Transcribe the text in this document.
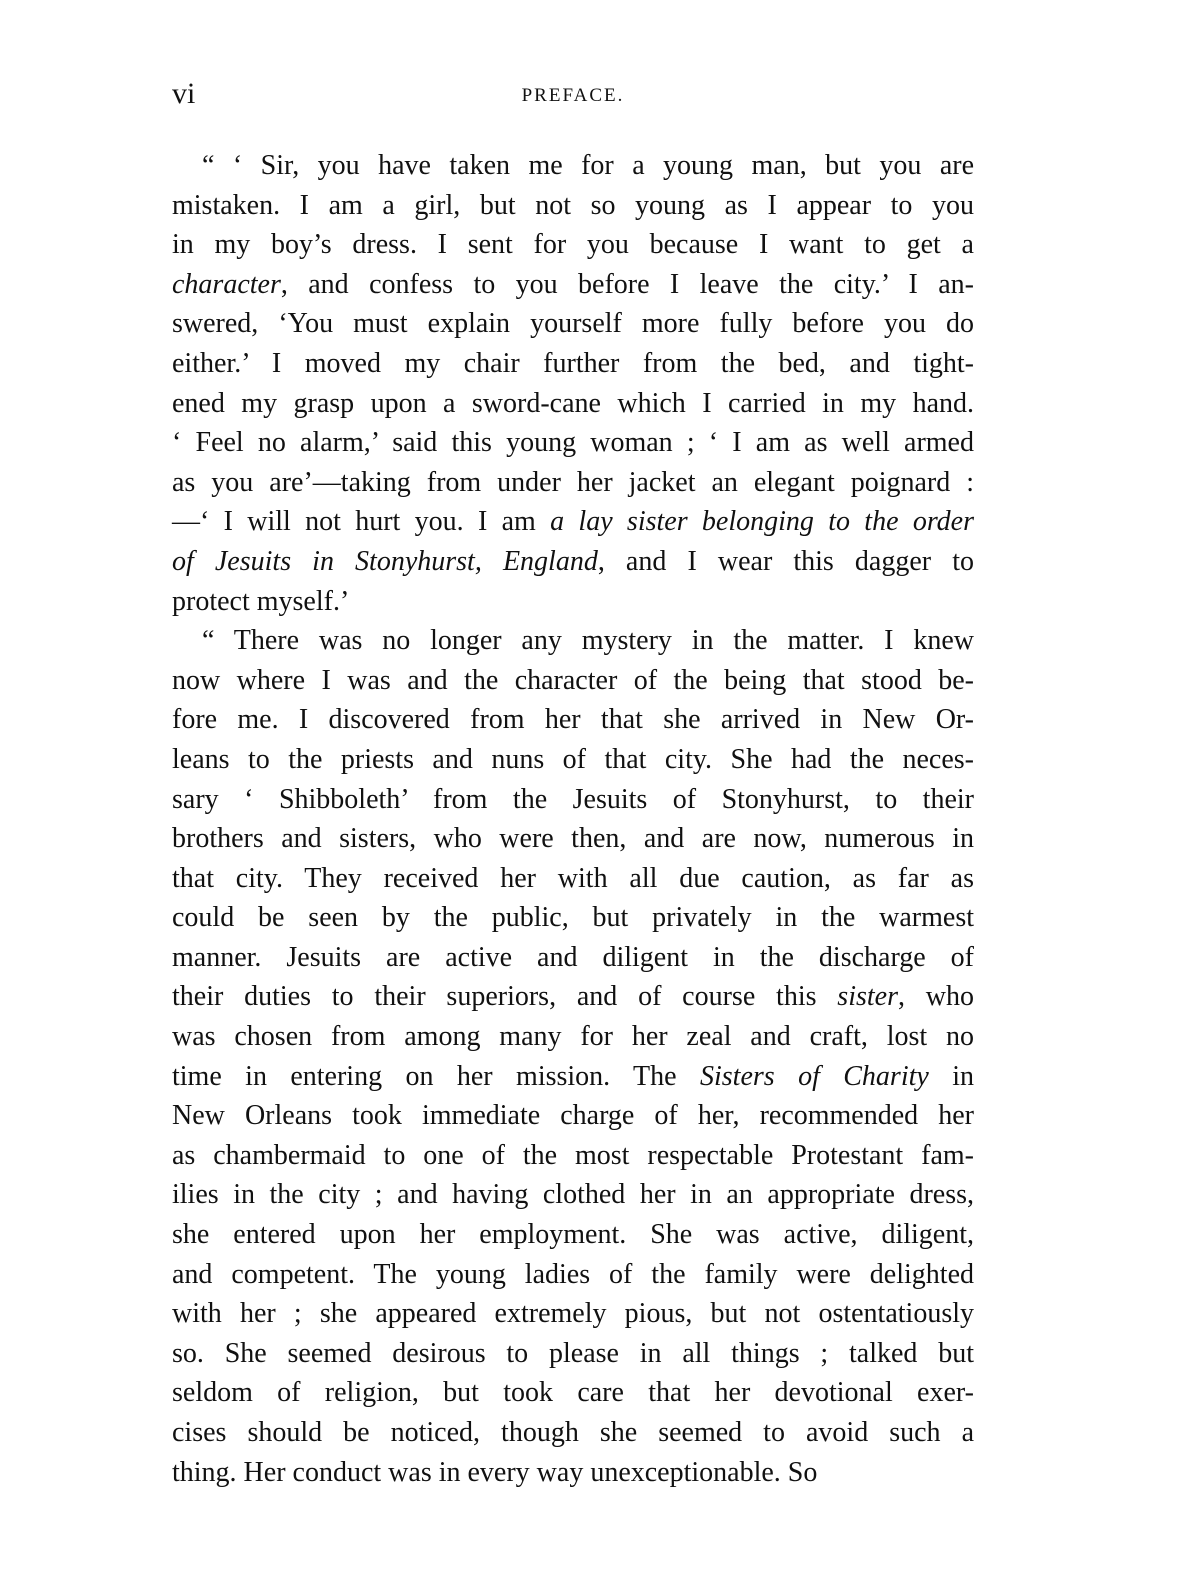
vi	PREFACE.
“ ‘ Sir, you have taken me for a young man, but you are
mistaken. I am a girl, but not so young as I appear to you
in my boy’s dress. I sent for you because I want to get a
character, and confess to you before I leave the city.’ I an-
swered, ‘You must explain yourself more fully before you do
either.’ I moved my chair further from the bed, and tight-
ened my grasp upon a sword-cane which I carried in my hand.
‘ Feel no alarm,’ said this young woman ; ‘ I am as well armed
as you are’—taking from under her jacket an elegant poignard :
—‘ I will not hurt you. I am a lay sister belonging to the order
of Jesuits in Stonyhurst, England, and I wear this dagger to
protect myself.’
“ There was no longer any mystery in the matter. I knew
now where I was and the character of the being that stood be-
fore me. I discovered from her that she arrived in New Or-
leans to the priests and nuns of that city. She had the neces-
sary ‘ Shibboleth’ from the Jesuits of Stonyhurst, to their
brothers and sisters, who were then, and are now, numerous in
that city. They received her with all due caution, as far as
could be seen by the public, but privately in the warmest
manner. Jesuits are active and diligent in the discharge of
their duties to their superiors, and of course this sister, who
was chosen from among many for her zeal and craft, lost no
time in entering on her mission. The Sisters of Charity in
New Orleans took immediate charge of her, recommended her
as chambermaid to one of the most respectable Protestant fam-
ilies in the city ; and having clothed her in an appropriate dress,
she entered upon her employment. She was active, diligent,
and competent. The young ladies of the family were delighted
with her ; she appeared extremely pious, but not ostentatiously
so. She seemed desirous to please in all things ; talked but
seldom of religion, but took care that her devotional exer-
cises should be noticed, though she seemed to avoid such a
thing. Her conduct was in every way unexceptionable. So
